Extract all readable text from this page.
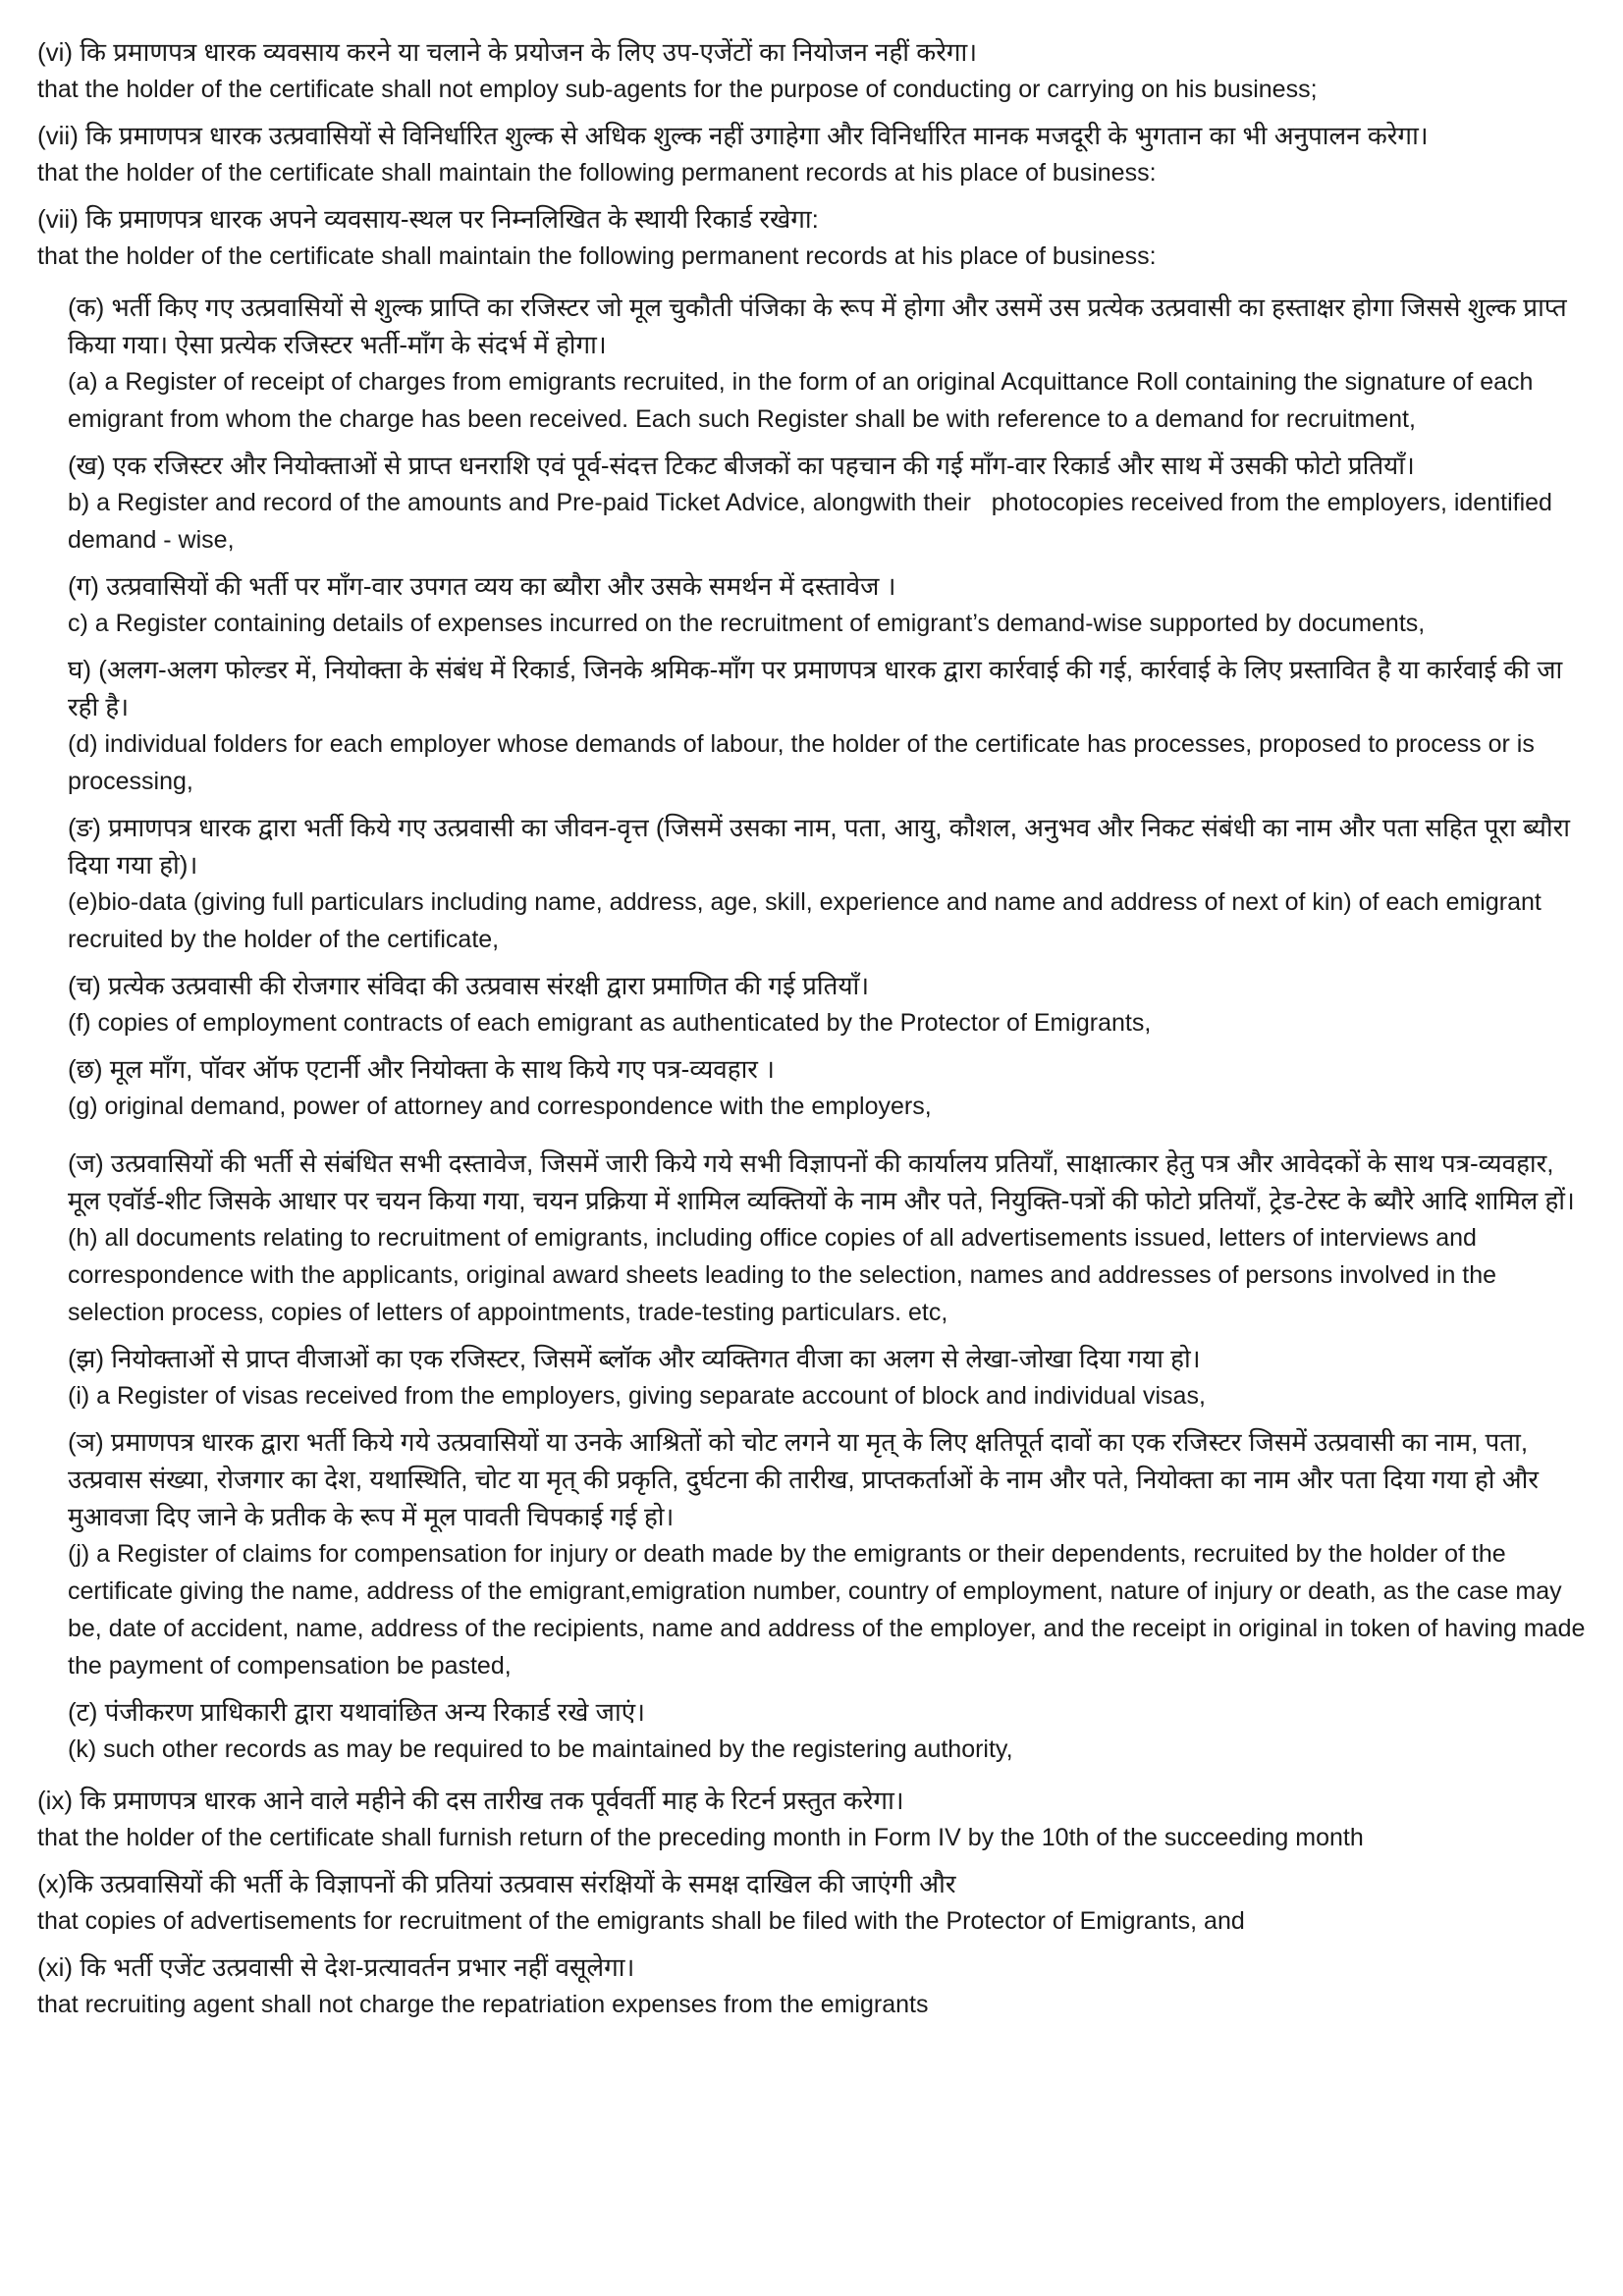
(vi) कि प्रमाणपत्र धारक व्यवसाय करने या चलाने के प्रयोजन के लिए उप-एजेंटों का नियोजन नहीं करेगा।

that the holder of the certificate shall not employ sub-agents for the purpose of conducting or carrying on his business;

(vii) कि प्रमाणपत्र धारक उत्प्रवासियों से विनिर्धारित शुल्क से अधिक शुल्क नहीं उगाहेगा और विनिर्धारित मानक मजदूरी के भुगतान का भी अनुपालन करेगा।

that the holder of the certificate shall maintain the following permanent records at his place of business:

(vii) कि प्रमाणपत्र धारक अपने व्यवसाय-स्थल पर निम्नलिखित के स्थायी रिकार्ड रखेगा:

that the holder of the certificate shall maintain the following permanent records at his place of business:

(क) भर्ती किए गए उत्प्रवासियों से शुल्क प्राप्ति का रजिस्टर जो मूल चुकौती पंजिका के रूप में होगा और उसमें उस प्रत्येक उत्प्रवासी का हस्ताक्षर होगा जिससे शुल्क प्राप्त किया गया। ऐसा प्रत्येक रजिस्टर भर्ती-माँग के संदर्भ में होगा।

(a) a Register of receipt of charges from emigrants recruited, in the form of an original Acquittance Roll containing the signature of each emigrant from whom the charge has been received. Each such Register shall be with reference to a demand for recruitment,

(ख) एक रजिस्टर और नियोक्ताओं से प्राप्त धनराशि एवं पूर्व-संदत्त टिकट बीजकों का पहचान की गई माँग-वार रिकार्ड और साथ में उसकी फोटो प्रतियाँ।

b) a Register and record of the amounts and Pre-paid Ticket Advice, alongwith their   photocopies received from the employers, identified demand - wise,

(ग) उत्प्रवासियों की भर्ती पर माँग-वार उपगत व्यय का ब्यौरा और उसके समर्थन में दस्तावेज ।

c) a Register containing details of expenses incurred on the recruitment of emigrant’s demand-wise supported by documents,

घ) (अलग-अलग फोल्डर में, नियोक्ता के संबंध में रिकार्ड, जिनके श्रमिक-माँग पर प्रमाणपत्र धारक द्वारा कार्रवाई की गई, कार्रवाई के लिए प्रस्तावित है या कार्रवाई की जा रही है।

(d) individual folders for each employer whose demands of labour, the holder of the certificate has processes, proposed to process or is processing,

(ङ) प्रमाणपत्र धारक द्वारा भर्ती किये गए उत्प्रवासी का जीवन-वृत्त (जिसमें उसका नाम, पता, आयु, कौशल, अनुभव और निकट संबंधी का नाम और पता सहित पूरा ब्यौरा दिया गया हो)।

(e)bio-data (giving full particulars including name, address, age, skill, experience and name and address of next of kin) of each emigrant recruited by the holder of the certificate,

(च) प्रत्येक उत्प्रवासी की रोजगार संविदा की उत्प्रवास संरक्षी द्वारा प्रमाणित की गई प्रतियाँ।

(f) copies of employment contracts of each emigrant as authenticated by the Protector of Emigrants,

(छ) मूल माँग, पॉवर ऑफ एटार्नी और नियोक्ता के साथ किये गए पत्र-व्यवहार ।

(g) original demand, power of attorney and correspondence with the employers,

(ज) उत्प्रवासियों की भर्ती से संबंधित सभी दस्तावेज, जिसमें जारी किये गये सभी विज्ञापनों की कार्यालय प्रतियाँ, साक्षात्कार हेतु पत्र और आवेदकों के साथ पत्र-व्यवहार, मूल एवॉर्ड-शीट जिसके आधार पर चयन किया गया, चयन प्रक्रिया में शामिल व्यक्तियों के नाम और पते, नियुक्ति-पत्रों की फोटो प्रतियाँ, ट्रेड-टेस्ट के ब्यौरे आदि शामिल हों।

(h) all documents relating to recruitment of emigrants, including office copies of all advertisements issued, letters of interviews and correspondence with the applicants, original award sheets leading to the selection, names and addresses of persons involved in the selection process, copies of letters of appointments, trade-testing particulars. etc,

(झ) नियोक्ताओं से प्राप्त वीजाओं का एक रजिस्टर, जिसमें ब्लॉक और व्यक्तिगत वीजा का अलग से लेखा-जोखा दिया गया हो।

(i) a Register of visas received from the employers, giving separate account of block and individual visas,

(ञ) प्रमाणपत्र धारक द्वारा भर्ती किये गये उत्प्रवासियों या उनके आश्रितों को चोट लगने या मृत् के लिए क्षतिपूर्त दावों का एक रजिस्टर जिसमें उत्प्रवासी का नाम, पता, उत्प्रवास संख्या, रोजगार का देश, यथास्थिति, चोट या मृत् की प्रकृति, दुर्घटना की तारीख, प्राप्तकर्ताओं के नाम और पते, नियोक्ता का नाम और पता दिया गया हो और मुआवजा दिए जाने के प्रतीक के रूप में मूल पावती चिपकाई गई हो।

(j) a Register of claims for compensation for injury or death made by the emigrants or their dependents, recruited by the holder of the certificate giving the name, address of the emigrant,emigration number, country of employment, nature of injury or death, as the case may be, date of accident, name, address of the recipients, name and address of the employer, and the receipt in original in token of having made the payment of compensation be pasted,

(ट) पंजीकरण प्राधिकारी द्वारा यथावांछित अन्य रिकार्ड रखे जाएं।

(k) such other records as may be required to be maintained by the registering authority,

(ix) कि प्रमाणपत्र धारक आने वाले महीने की दस तारीख तक पूर्ववर्ती माह के रिटर्न प्रस्तुत करेगा।

that the holder of the certificate shall furnish return of the preceding month in Form IV by the 10th of the succeeding month

(x)कि उत्प्रवासियों की भर्ती के विज्ञापनों की प्रतियां उत्प्रवास संरक्षियों के समक्ष दाखिल की जाएंगी और

that copies of advertisements for recruitment of the emigrants shall be filed with the Protector of Emigrants, and

(xi) कि भर्ती एजेंट उत्प्रवासी से देश-प्रत्यावर्तन प्रभार नहीं वसूलेगा।

that recruiting agent shall not charge the repatriation expenses from the emigrants
